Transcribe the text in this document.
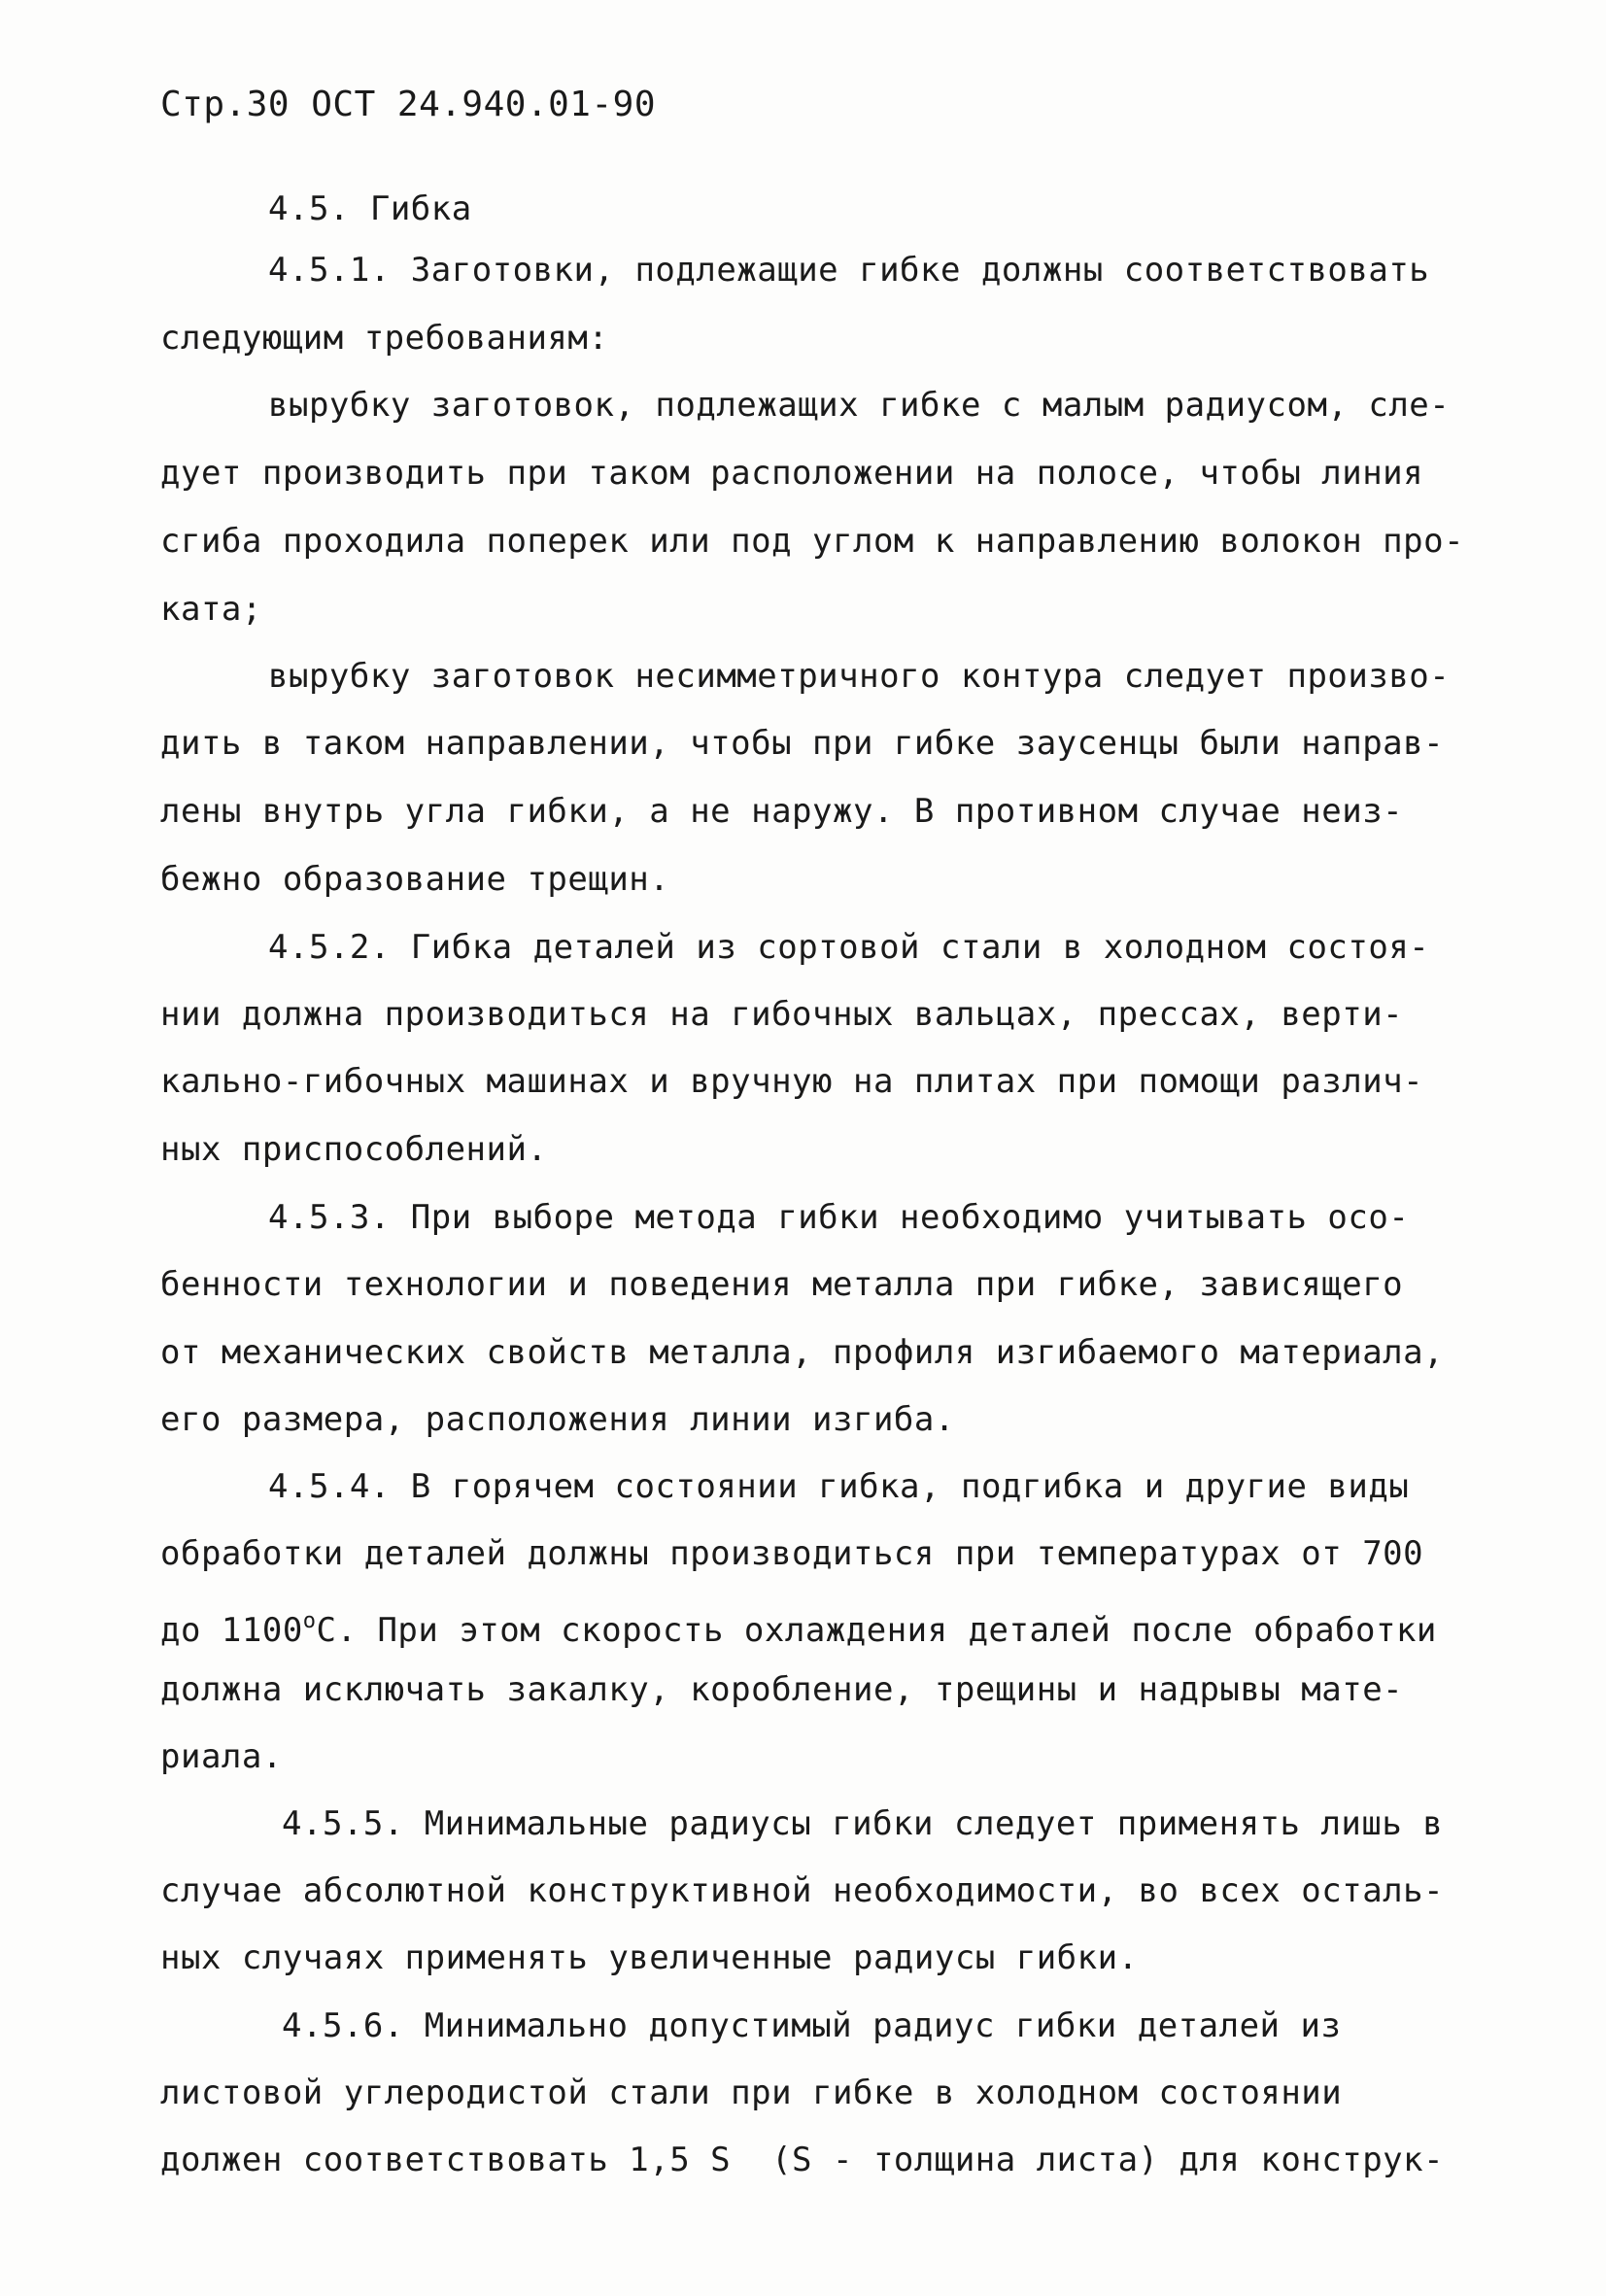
Стр.30 ОСТ 24.940.01-90
4.5. Гибка
4.5.1. Заготовки, подлежащие гибке должны соответствовать
следующим требованиям:
вырубку заготовок, подлежащих гибке с малым радиусом, сле-
дует производить при таком расположении на полосе, чтобы линия
сгиба проходила поперек или под углом к направлению волокон про-
ката;
вырубку заготовок несимметричного контура следует произво-
дить в таком направлении, чтобы при гибке заусенцы были направ-
лены внутрь угла гибки, а не наружу. В противном случае неиз-
бежно образование трещин.
4.5.2. Гибка деталей из сортовой стали в холодном состоя-
нии должна производиться на гибочных вальцах, прессах, верти-
кально-гибочных машинах и вручную на плитах при помощи различ-
ных приспособлений.
4.5.3. При выборе метода гибки необходимо учитывать осо-
бенности технологии и поведения металла при гибке, зависящего
от механических свойств металла, профиля изгибаемого материала,
его размера, расположения линии изгиба.
4.5.4. В горячем состоянии гибка, подгибка и другие виды
обработки деталей должны производиться при температурах от 700
до $1100^оС$. При этом скорость охлаждения деталей после обработки
должна исключать закалку, коробление, трещины и надрывы мате-
риала.
4.5.5. Минимальные радиусы гибки следует применять лишь в
случае абсолютной конструктивной необходимости, во всех осталь-
ных случаях применять увеличенные радиусы гибки.
4.5.6. Минимально допустимый радиус гибки деталей из
листовой углеродистой стали при гибке в холодном состоянии
должен соответствовать 1,5 S  (S - толщина листа) для конструк-
